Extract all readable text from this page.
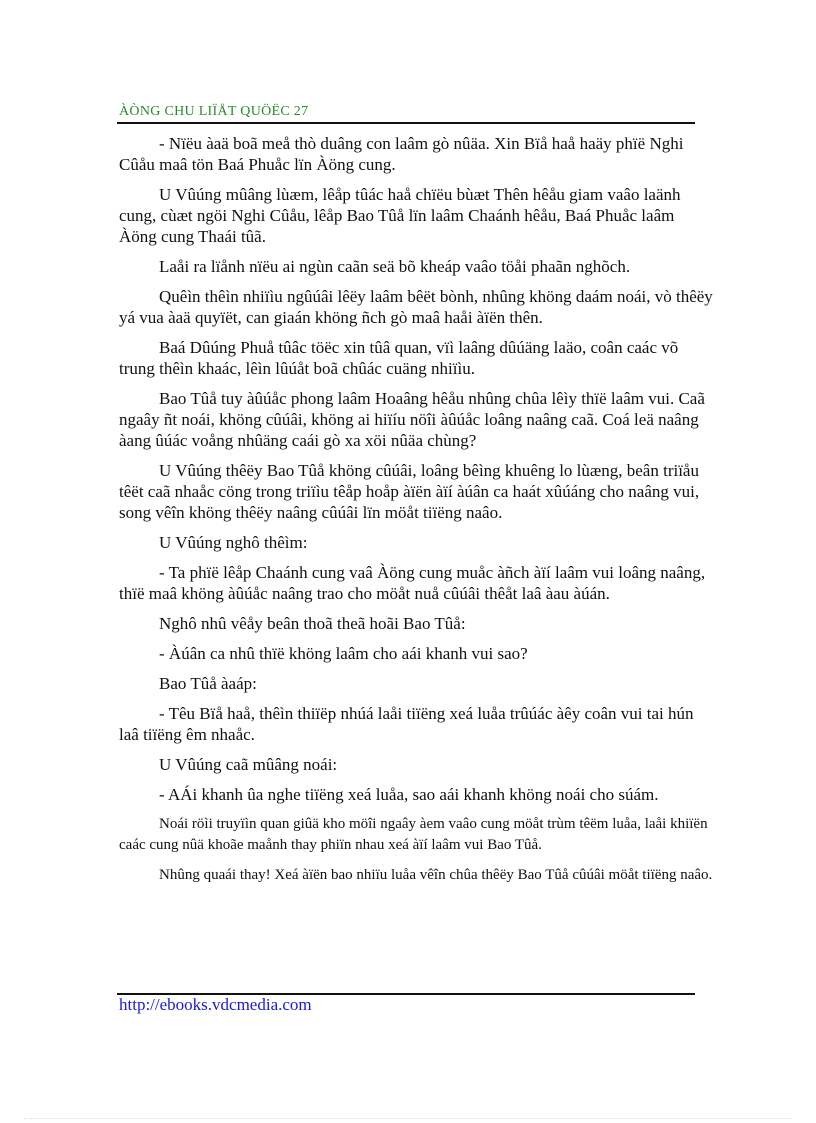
ÀÒNG CHU LIÏÅT QUÖËC 27

- Nïëu àaä boã meå thò duâng con laâm gò nûäa. Xin Bïå haå haäy phïë Nghi Cûåu maâ tön Baá Phuåc lïn Àöng cung.

U Vûúng mûâng lùæm, lêåp tûác haå chïëu bùæt Thên hêåu giam vaâo laänh cung, cùæt ngöi Nghi Cûåu, lêåp Bao Tûå lïn laâm Chaánh hêåu, Baá Phuåc laâm Àöng cung Thaái tûã.

Laåi ra lïånh nïëu ai ngùn caãn seä bõ kheáp vaâo töåi phaãn nghõch.

Quêìn thêìn nhiïìu ngûúâi lêëy laâm bêët bònh, nhûng khöng daám noái, vò thêëy yá vua àaä quyïët, can giaán khöng ñch gò maâ haåi àïën thên.

Baá Dûúng Phuå tûâc töëc xin tûâ quan, vïì laâng dûúäng laäo, coân caác võ trung thêìn khaác, lêìn lûúåt boã chûác cuäng nhiïìu.

Bao Tûå tuy àûúåc phong laâm Hoaâng hêåu nhûng chûa lêìy thïë laâm vui. Caã ngaây ñt noái, khöng cûúâi, khöng ai hiïíu nöîi àûúåc loâng naâng caã. Coá leä naâng àang ûúác voång nhûäng caái gò xa xöi nûäa chùng?

U Vûúng thêëy Bao Tûå khöng cûúâi, loâng bêìng khuêng lo lùæng, beân triïåu têët caã nhaåc cöng trong triïìu têåp hoåp àïën àïí àúân ca haát xûúáng cho naâng vui, song vêîn khöng thêëy naâng cûúâi lïn möåt tiïëng naâo.

U Vûúng nghô thêìm:

- Ta phïë lêåp Chaánh cung vaâ Àöng cung muåc àñch àïí laâm vui loâng naâng, thïë maâ khöng àûúåc naâng trao cho möåt nuå cûúâi thêåt laâ àau àúán.

Nghô nhû vêåy beân thoã theã hoãi Bao Tûå:

- Àúân ca nhû thïë khöng laâm cho aái khanh vui sao?

Bao Tûå àaáp:

- Têu Bïå haå, thêìn thiïëp nhúá laåi tiïëng xeá luåa trûúác àêy coân vui tai hún laâ tiïëng êm nhaåc.

U Vûúng caã mûâng noái:

- AÁi khanh ûa nghe tiïëng xeá luåa, sao aái khanh khöng noái cho súám.

Noái röìi truyïìn quan giûä kho möîi ngaây àem vaâo cung möåt trùm têëm luåa, laåi khiïën caác cung nûä khoãe maånh thay phiïn nhau xeá àïí laâm vui Bao Tûå.

Nhûng quaái thay! Xeá àïën bao nhiïu luåa vêîn chûa thêëy Bao Tûå cûúâi möåt tiïëng naâo.

http://ebooks.vdcmedia.com
